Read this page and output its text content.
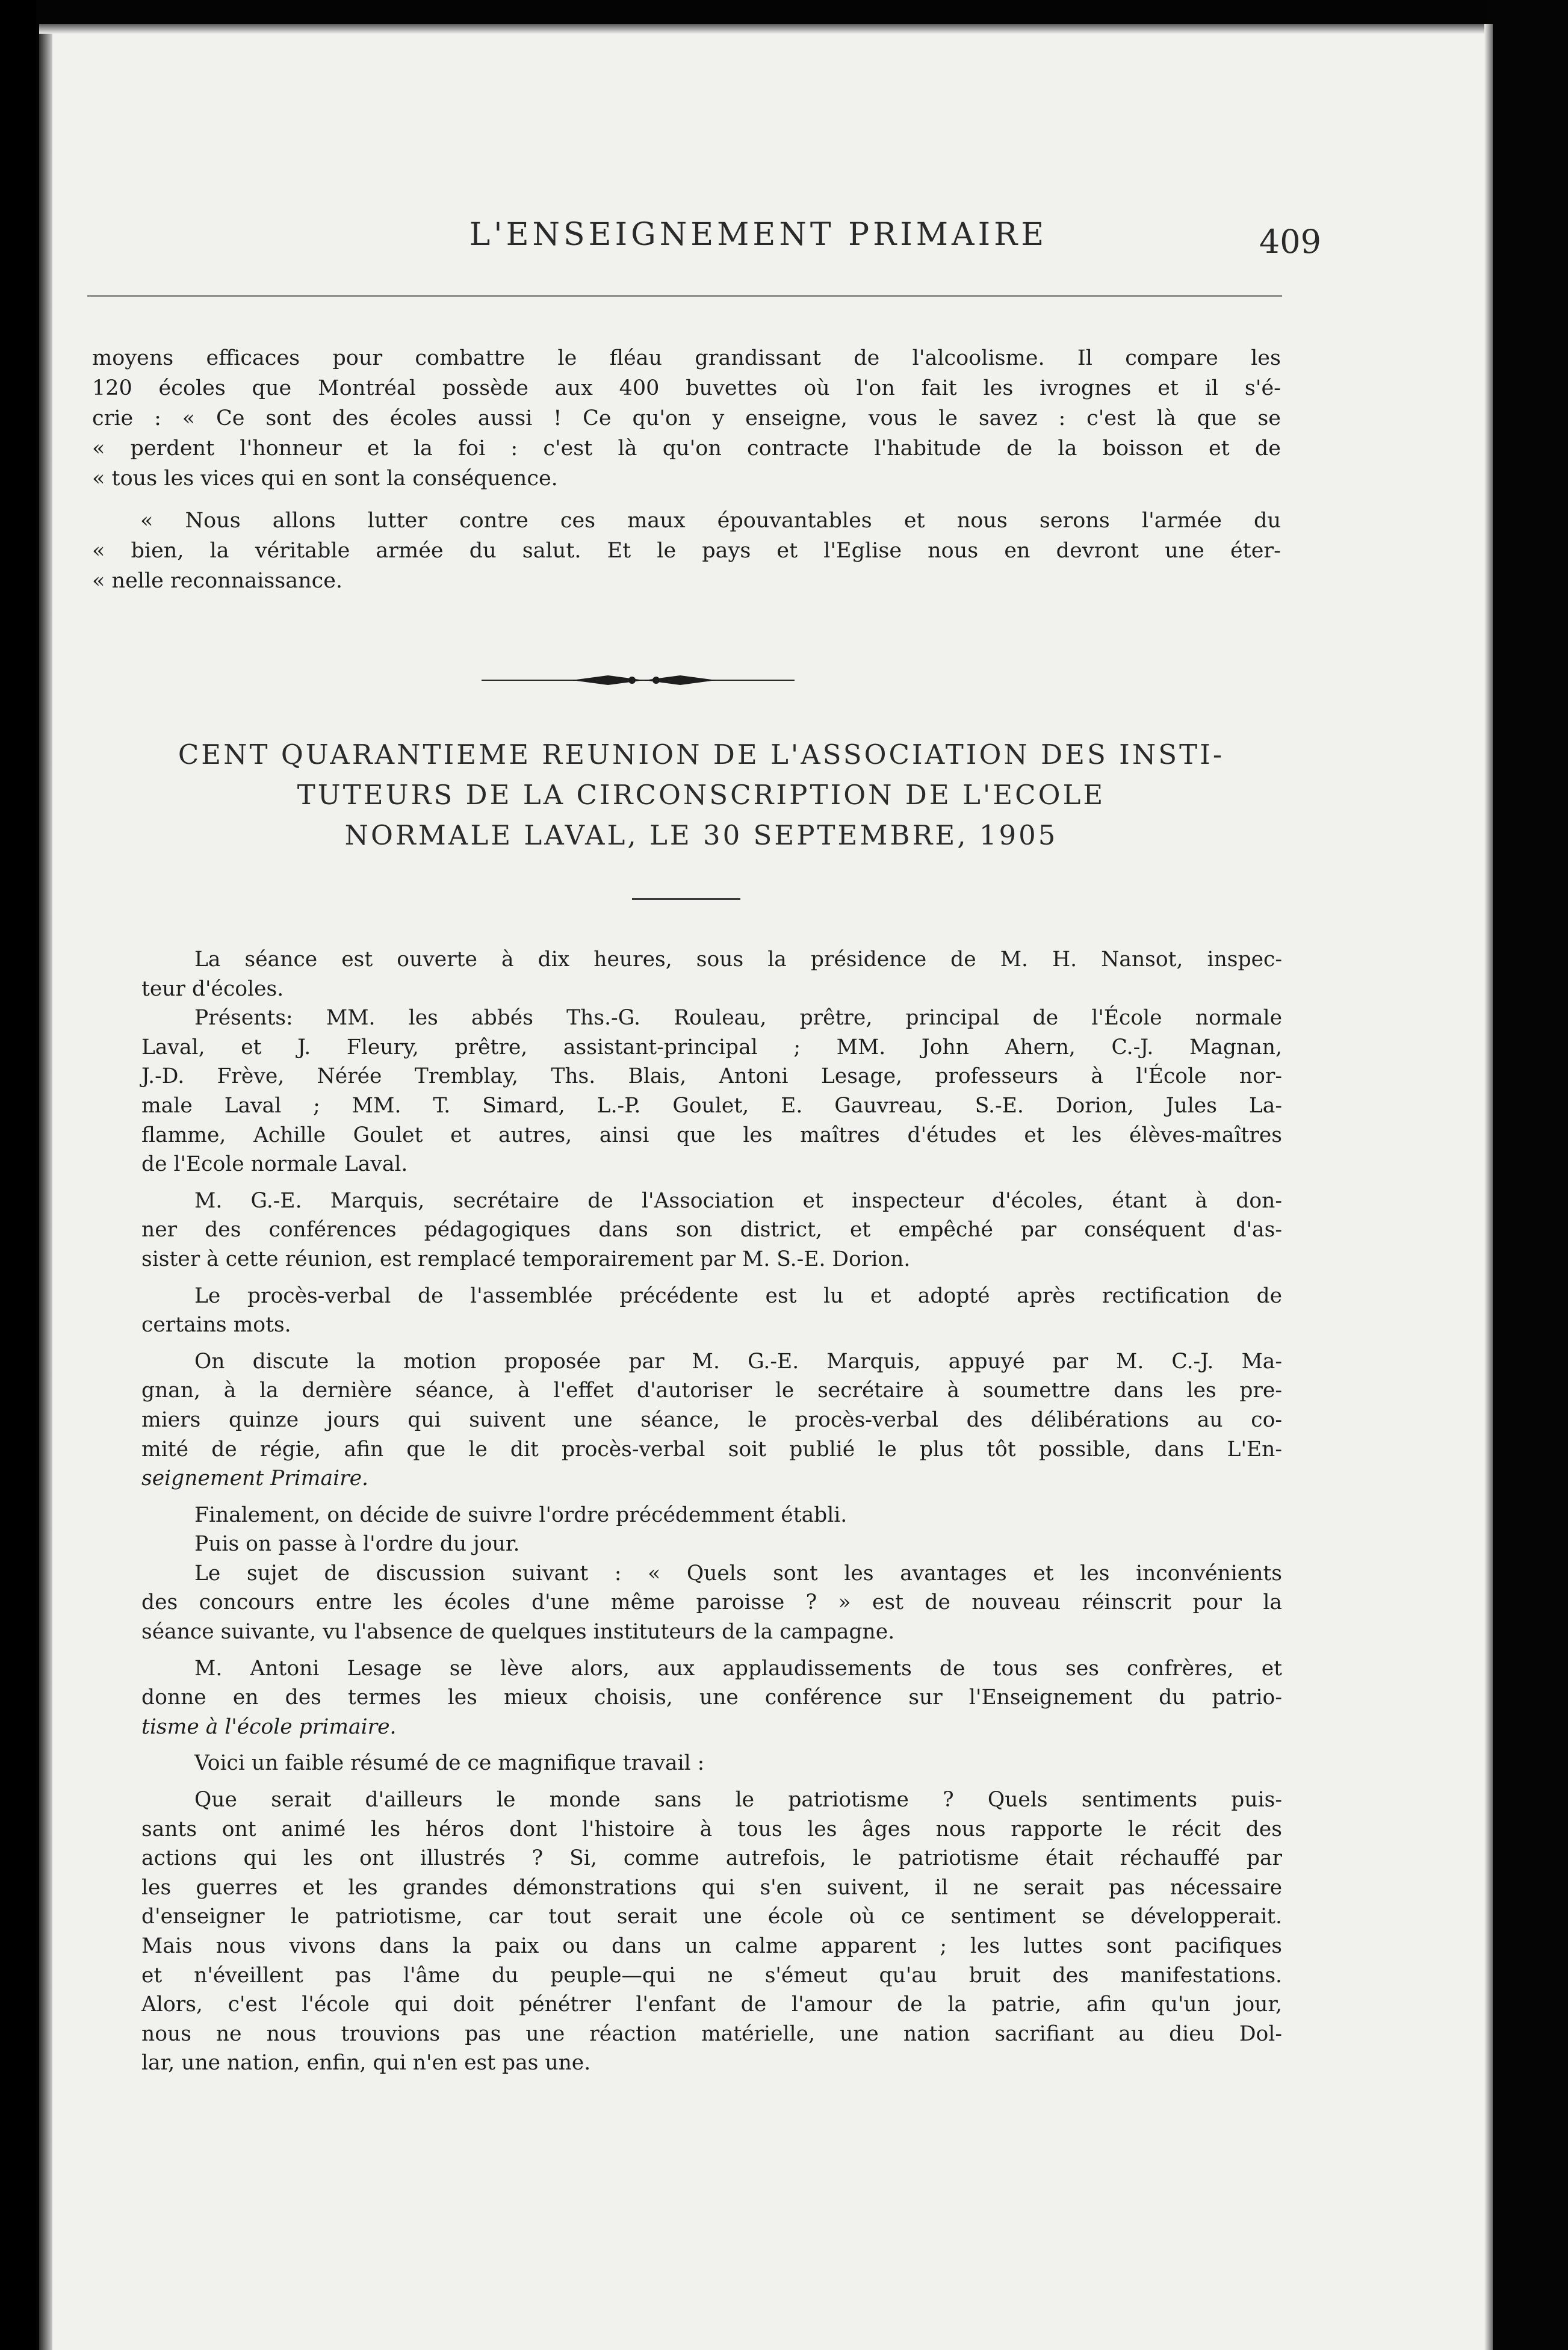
L'ENSEIGNEMENT PRIMAIRE	409
moyens efficaces pour combattre le fléau grandissant de l'alcoolisme. Il compare les
120 écoles que Montréal possède aux 400 buvettes où l'on fait les ivrognes et il s'é-
crie : « Ce sont des écoles aussi ! Ce qu'on y enseigne, vous le savez : c'est là que se
« perdent l'honneur et la foi : c'est là qu'on contracte l'habitude de la boisson et de
« tous les vices qui en sont la conséquence.
« Nous allons lutter contre ces maux épouvantables et nous serons l'armée du
« bien, la véritable armée du salut. Et le pays et l'Eglise nous en devront une éter-
« nelle reconnaissance.
CENT QUARANTIEME REUNION DE L'ASSOCIATION DES INSTI-
TUTEURS DE LA CIRCONSCRIPTION DE L'ECOLE
NORMALE LAVAL, LE 30 SEPTEMBRE, 1905
La séance est ouverte à dix heures, sous la présidence de M. H. Nansot, inspec-
teur d'écoles.
Présents: MM. les abbés Ths.-G. Rouleau, prêtre, principal de l'École normale
Laval, et J. Fleury, prêtre, assistant-principal ; MM. John Ahern, C.-J. Magnan,
J.-D. Frève, Nérée Tremblay, Ths. Blais, Antoni Lesage, professeurs à l'École nor-
male Laval ; MM. T. Simard, L.-P. Goulet, E. Gauvreau, S.-E. Dorion, Jules La-
flamme, Achille Goulet et autres, ainsi que les maîtres d'études et les élèves-maîtres
de l'Ecole normale Laval.
M. G.-E. Marquis, secrétaire de l'Association et inspecteur d'écoles, étant à don-
ner des conférences pédagogiques dans son district, et empêché par conséquent d'as-
sister à cette réunion, est remplacé temporairement par M. S.-E. Dorion.
Le procès-verbal de l'assemblée précédente est lu et adopté après rectification de
certains mots.
On discute la motion proposée par M. G.-E. Marquis, appuyé par M. C.-J. Ma-
gnan, à la dernière séance, à l'effet d'autoriser le secrétaire à soumettre dans les pre-
miers quinze jours qui suivent une séance, le procès-verbal des délibérations au co-
mité de régie, afin que le dit procès-verbal soit publié le plus tôt possible, dans L'En-
seignement Primaire.
Finalement, on décide de suivre l'ordre précédemment établi.
Puis on passe à l'ordre du jour.
Le sujet de discussion suivant : « Quels sont les avantages et les inconvénients
des concours entre les écoles d'une même paroisse ? » est de nouveau réinscrit pour la
séance suivante, vu l'absence de quelques instituteurs de la campagne.
M. Antoni Lesage se lève alors, aux applaudissements de tous ses confrères, et
donne en des termes les mieux choisis, une conférence sur l'Enseignement du patrio-
tisme à l'école primaire.
Voici un faible résumé de ce magnifique travail :
Que serait d'ailleurs le monde sans le patriotisme ? Quels sentiments puis-
sants ont animé les héros dont l'histoire à tous les âges nous rapporte le récit des
actions qui les ont illustrés ? Si, comme autrefois, le patriotisme était réchauffé par
les guerres et les grandes démonstrations qui s'en suivent, il ne serait pas nécessaire
d'enseigner le patriotisme, car tout serait une école où ce sentiment se développerait.
Mais nous vivons dans la paix ou dans un calme apparent ; les luttes sont pacifiques
et n'éveillent pas l'âme du peuple—qui ne s'émeut qu'au bruit des manifestations.
Alors, c'est l'école qui doit pénétrer l'enfant de l'amour de la patrie, afin qu'un jour,
nous ne nous trouvions pas une réaction matérielle, une nation sacrifiant au dieu Dol-
lar, une nation, enfin, qui n'en est pas une.
